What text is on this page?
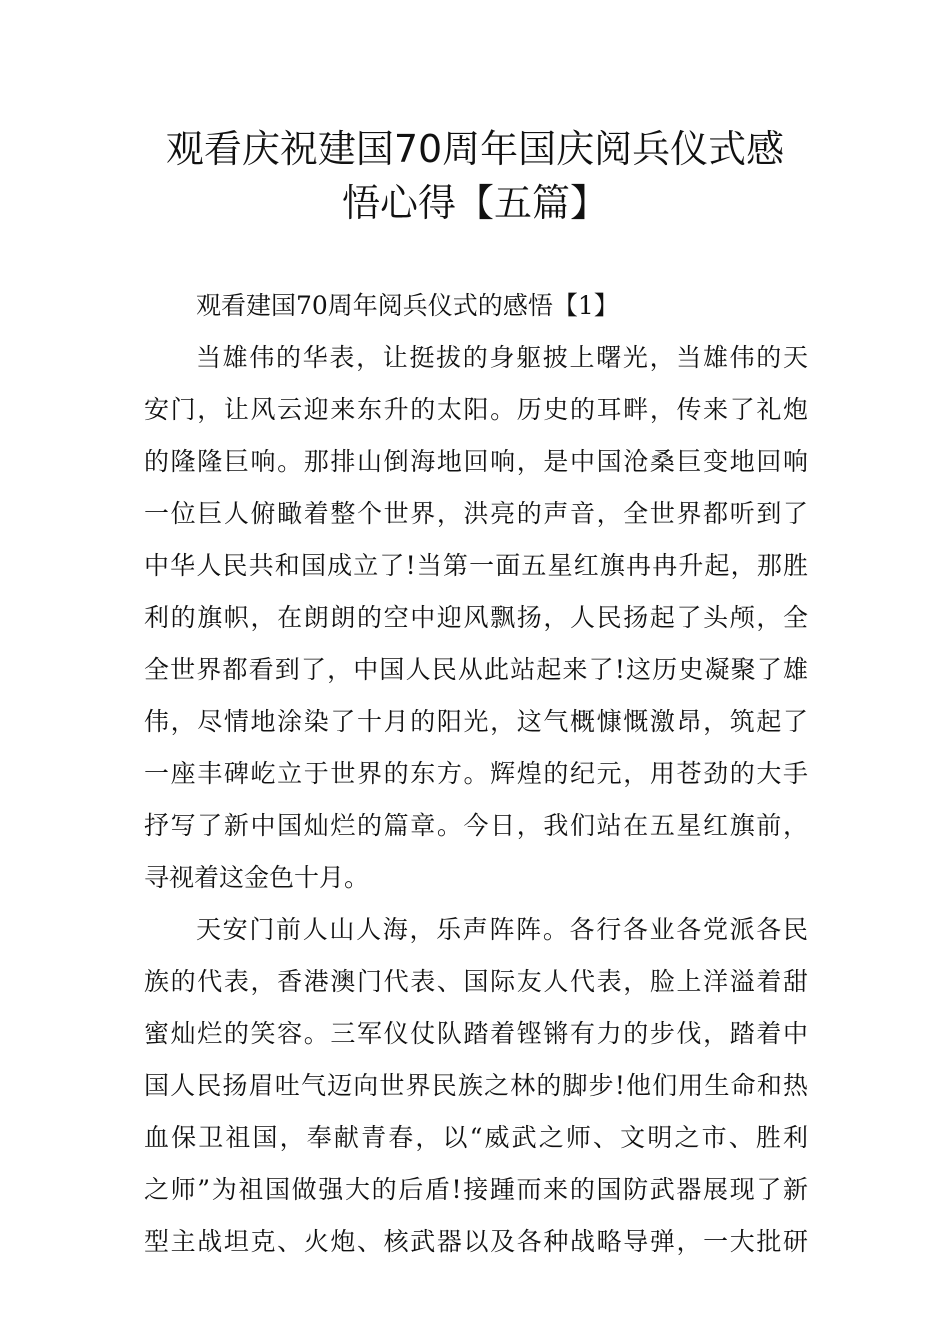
观看庆祝建国70周年国庆阅兵仪式感
悟心得【五篇】

观看建国70周年阅兵仪式的感悟【1】

当雄伟的华表，让挺拔的身躯披上曙光，当雄伟的天
安门，让风云迎来东升的太阳。历史的耳畔，传来了礼炮
的隆隆巨响。那排山倒海地回响，是中国沧桑巨变地回响
一位巨人俯瞰着整个世界，洪亮的声音，全世界都听到了
中华人民共和国成立了!当第一面五星红旗冉冉升起，那胜
利的旗帜，在朗朗的空中迎风飘扬，人民扬起了头颅，全
全世界都看到了，中国人民从此站起来了!这历史凝聚了雄
伟，尽情地涂染了十月的阳光，这气概慷慨激昂，筑起了
一座丰碑屹立于世界的东方。辉煌的纪元，用苍劲的大手
抒写了新中国灿烂的篇章。今日，我们站在五星红旗前，
寻视着这金色十月。

天安门前人山人海，乐声阵阵。各行各业各党派各民
族的代表，香港澳门代表、国际友人代表，脸上洋溢着甜
蜜灿烂的笑容。三军仪仗队踏着铿锵有力的步伐，踏着中
国人民扬眉吐气迈向世界民族之林的脚步!他们用生命和热
血保卫祖国，奉献青春，以“威武之师、文明之市、胜利
之师”为祖国做强大的后盾!接踵而来的国防武器展现了新
型主战坦克、火炮、核武器以及各种战略导弹，一大批研
